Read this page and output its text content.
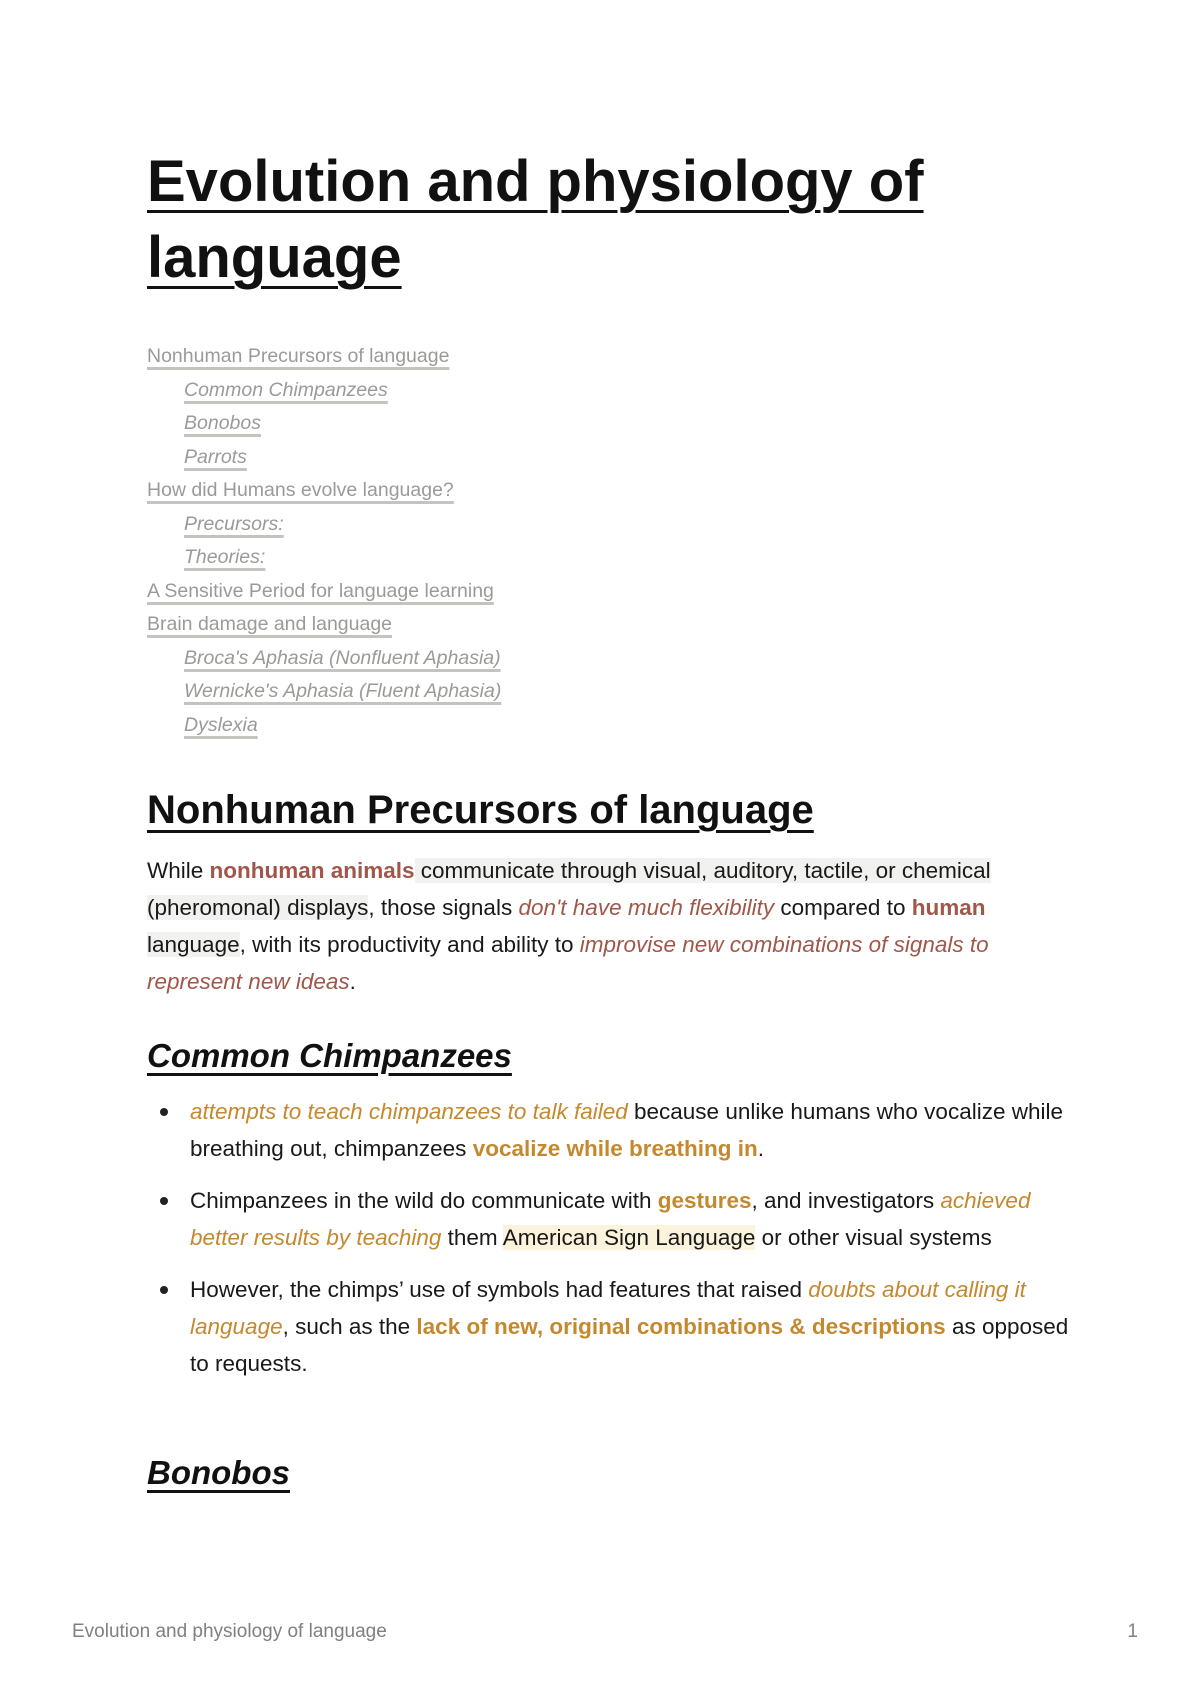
Evolution and physiology of language
Nonhuman Precursors of language
Common Chimpanzees
Bonobos
Parrots
How did Humans evolve language?
Precursors:
Theories:
A Sensitive Period for language learning
Brain damage and language
Broca's Aphasia (Nonfluent Aphasia)
Wernicke's Aphasia (Fluent Aphasia)
Dyslexia
Nonhuman Precursors of language

While nonhuman animals communicate through visual, auditory, tactile, or chemical (pheromonal) displays, those signals don't have much flexibility compared to human language, with its productivity and ability to improvise new combinations of signals to represent new ideas.

Common Chimpanzees
attempts to teach chimpanzees to talk failed because unlike humans who vocalize while breathing out, chimpanzees vocalize while breathing in.
Chimpanzees in the wild do communicate with gestures, and investigators achieved better results by teaching them American Sign Language or other visual systems
However, the chimps’ use of symbols had features that raised doubts about calling it language, such as the lack of new, original combinations & descriptions as opposed to requests.
Bonobos
Evolution and physiology of language	1
